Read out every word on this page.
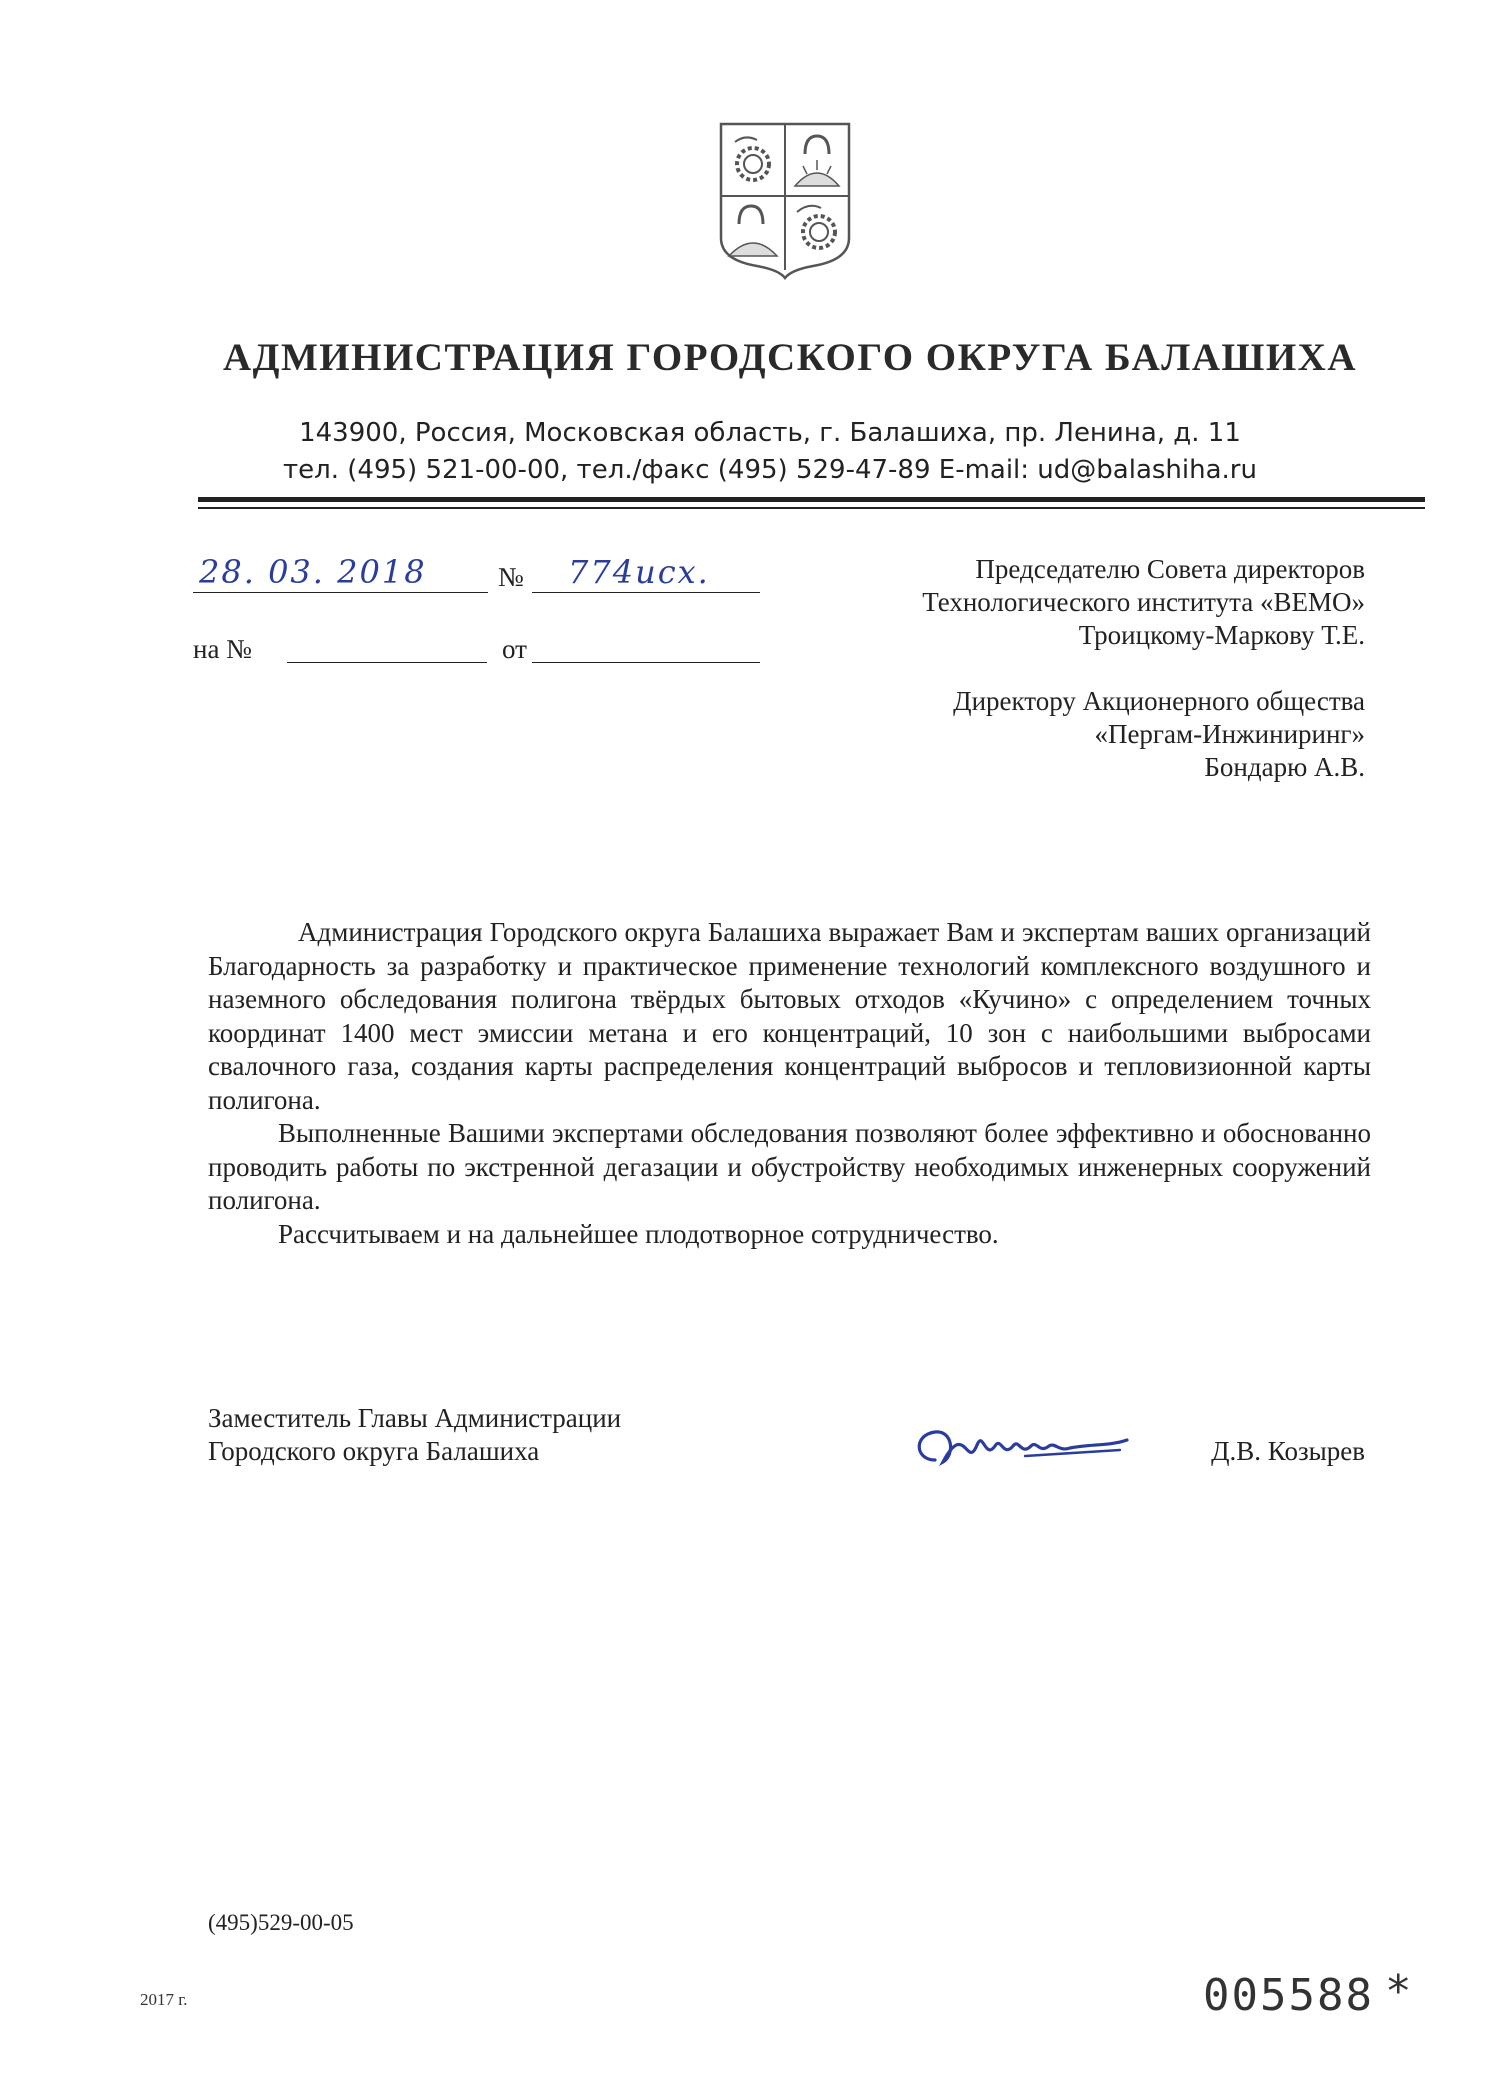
АДМИНИСТРАЦИЯ ГОРОДСКОГО ОКРУГА БАЛАШИХА
143900, Россия, Московская область, г. Балашиха, пр. Ленина, д. 11
тел. (495) 521-00-00, тел./факс (495) 529-47-89 E-mail: ud@balashiha.ru
28. 03. 2018	№	774исх.
на №	от
Председателю Совета директоров
Технологического института «ВЕМО»
Троицкому-Маркову Т.Е.
Директору Акционерного общества
«Пергам-Инжиниринг»
Бондарю А.В.

Администрация Городского округа Балашиха выражает Вам и экспертам ваших организаций Благодарность за разработку и практическое применение технологий комплексного воздушного и наземного обследования полигона твёрдых бытовых отходов «Кучино» с определением точных координат 1400 мест эмиссии метана и его концентраций, 10 зон с наибольшими выбросами свалочного газа, создания карты распределения концентраций выбросов и тепловизионной карты полигона.

Выполненные Вашими экспертами обследования позволяют более эффективно и обоснованно проводить работы по экстренной дегазации и обустройству необходимых инженерных сооружений полигона.

Рассчитываем и на дальнейшее плодотворное сотрудничество.

Заместитель Главы Администрации
Городского округа Балашиха	Д.В. Козырев
(495)529-00-05
2017 г.	005588 *
